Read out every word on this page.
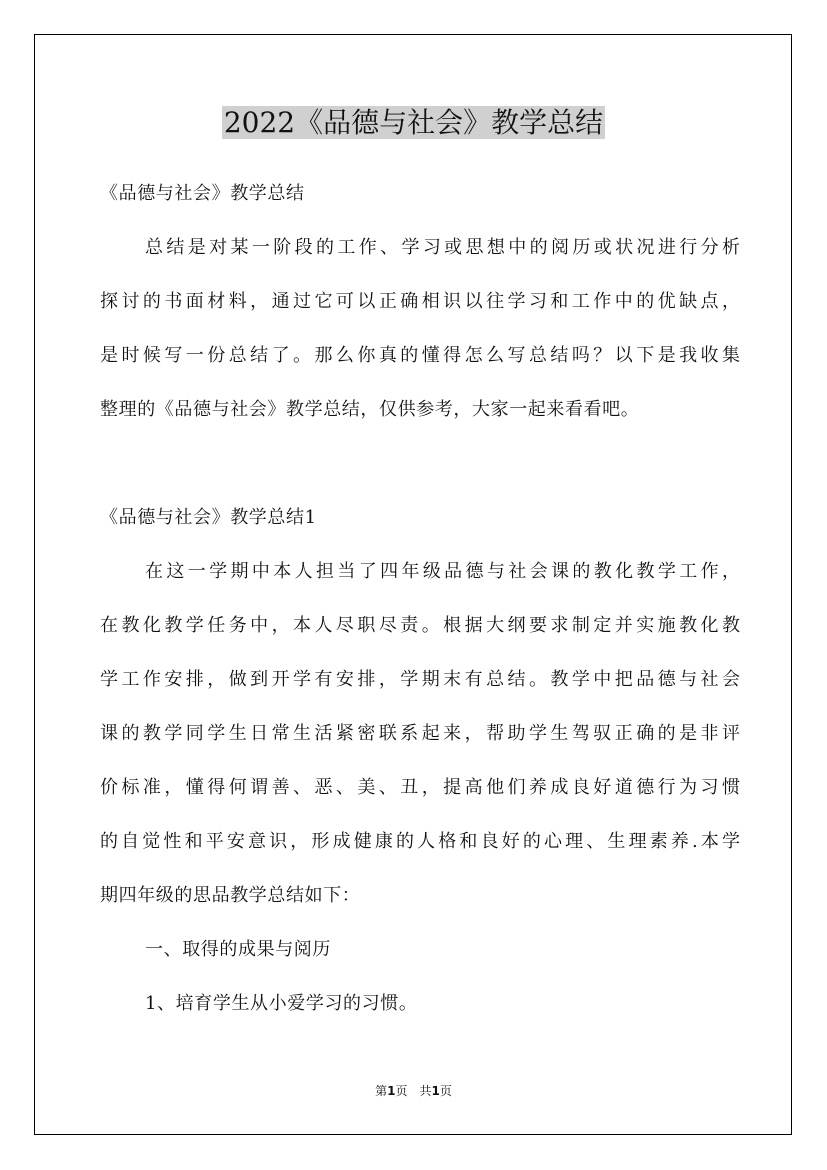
2022《品德与社会》教学总结

《品德与社会》教学总结

总结是对某一阶段的工作、学习或思想中的阅历或状况进行分析

探讨的书面材料，通过它可以正确相识以往学习和工作中的优缺点，

是时候写一份总结了。那么你真的懂得怎么写总结吗？以下是我收集

整理的《品德与社会》教学总结，仅供参考，大家一起来看看吧。

《品德与社会》教学总结1

在这一学期中本人担当了四年级品德与社会课的教化教学工作，

在教化教学任务中，本人尽职尽责。根据大纲要求制定并实施教化教

学工作安排，做到开学有安排，学期末有总结。教学中把品德与社会

课的教学同学生日常生活紧密联系起来，帮助学生驾驭正确的是非评

价标准，懂得何谓善、恶、美、丑，提高他们养成良好道德行为习惯

的自觉性和平安意识，形成健康的人格和良好的心理、生理素养.本学

期四年级的思品教学总结如下：

一、取得的成果与阅历

1、培育学生从小爱学习的习惯。

第1页　共1页
